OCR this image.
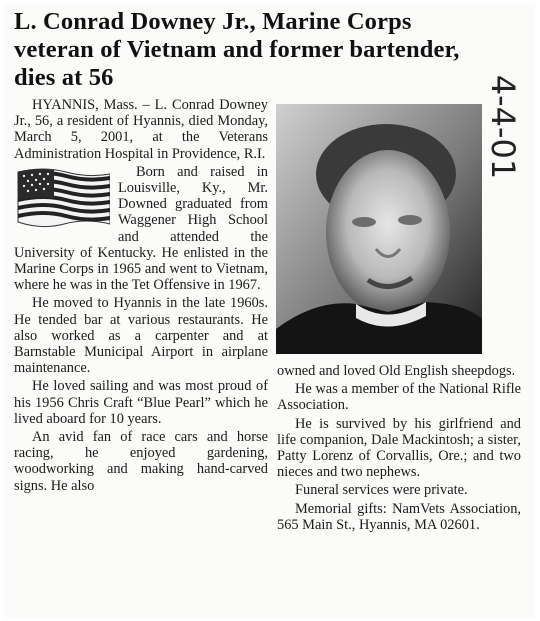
L. Conrad Downey Jr., Marine Corps veteran of Vietnam and former bartender, dies at 56	4-4-01

HYANNIS, Mass. – L. Conrad Downey Jr., 56, a resident of Hyannis, died Monday, March 5, 2001, at the Veterans Administration Hospital in Providence, R.I.

Born and raised in Louisville, Ky., Mr. Downed graduated from Waggener High School and attended the University of Kentucky. He enlisted in the Marine Corps in 1965 and went to Vietnam, where he was in the Tet Offensive in 1967.

He moved to Hyannis in the late 1960s. He tended bar at various restaurants. He also worked as a carpenter and at Barnstable Municipal Airport in airplane maintenance.

He loved sailing and was most proud of his 1956 Chris Craft “Blue Pearl” which he lived aboard for 10 years.

An avid fan of race cars and horse racing, he enjoyed gardening, woodworking and making hand-carved signs. He also

owned and loved Old English sheepdogs.

He was a member of the National Rifle Association.

He is survived by his girlfriend and life companion, Dale Mackintosh; a sister, Patty Lorenz of Corvallis, Ore.; and two nieces and two nephews.

Funeral services were private.

Memorial gifts: NamVets Association, 565 Main St., Hyannis, MA 02601.
